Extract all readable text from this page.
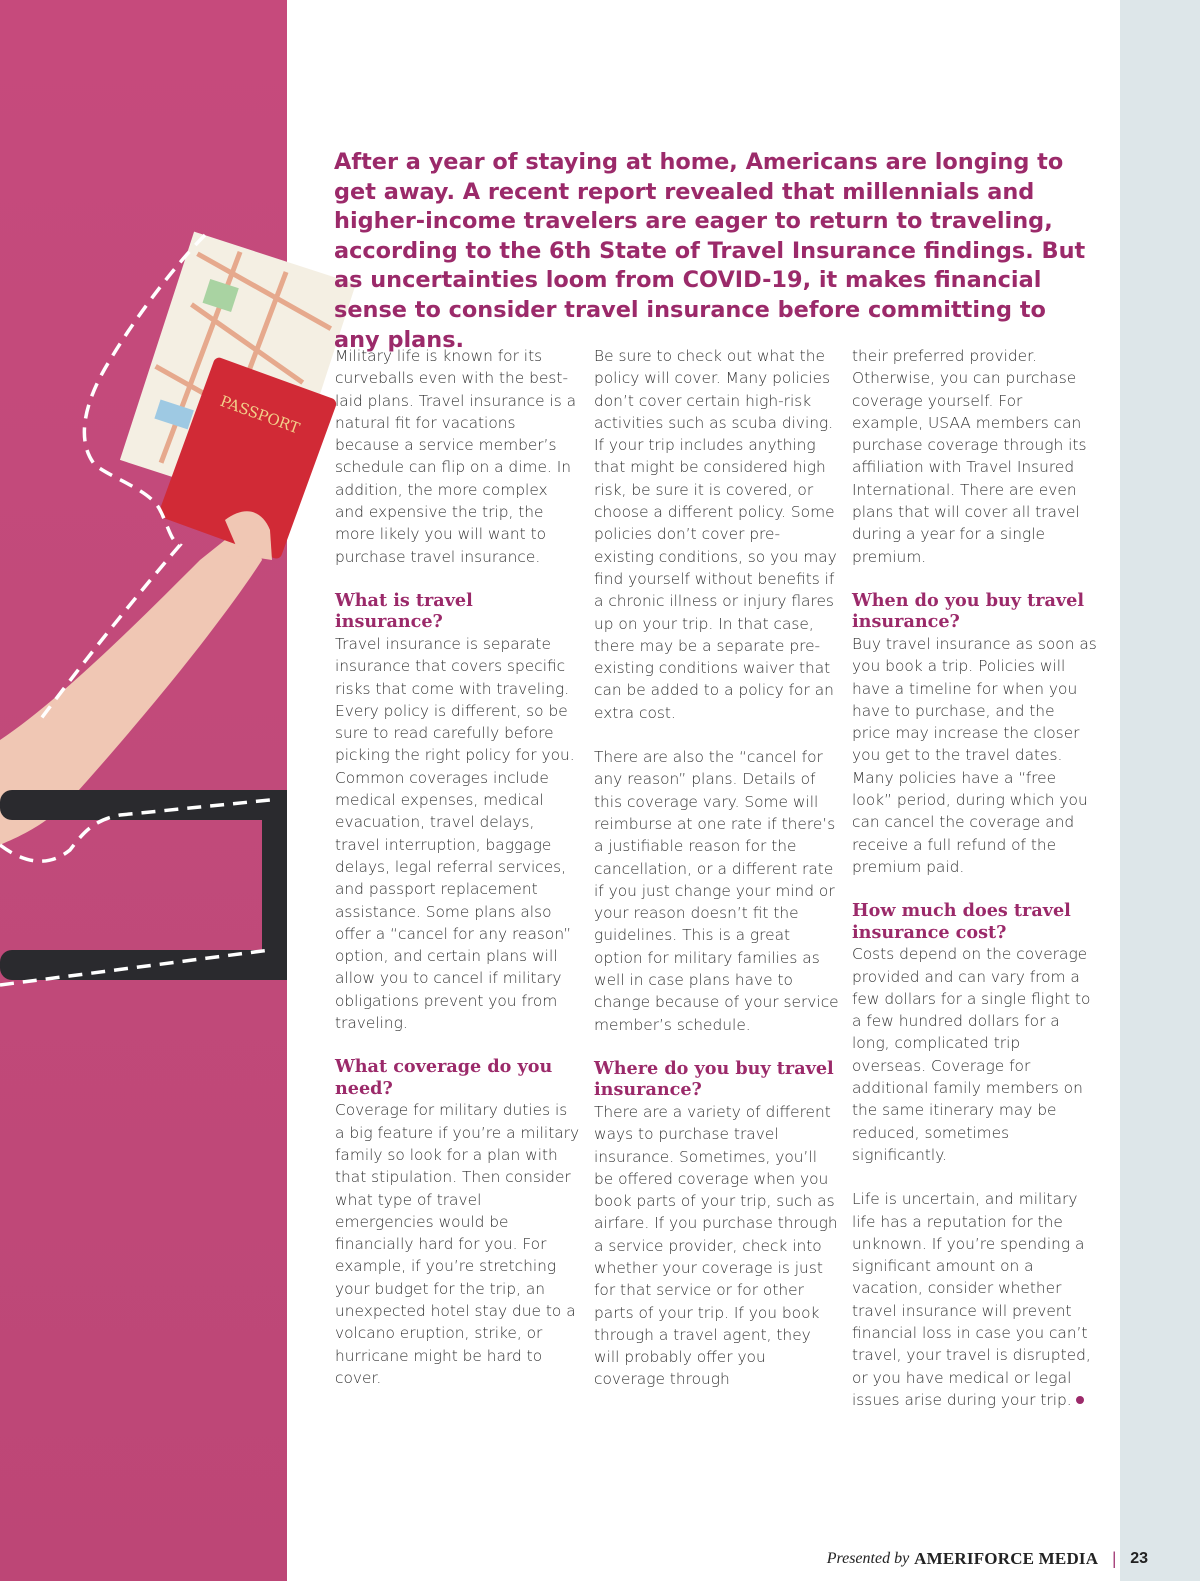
PASSPORT

After a year of staying at home, Americans are longing to get away. A recent report revealed that millennials and higher-income travelers are eager to return to traveling, according to the 6th State of Travel Insurance findings. But as uncertainties loom from COVID-19, it makes financial sense to consider travel insurance before committing to any plans.

Military life is known for its curveballs even with the best-laid plans. Travel insurance is a natural fit for vacations because a service member’s schedule can flip on a dime. In addition, the more complex and expensive the trip, the more likely you will want to purchase travel insurance.

What is travel insurance?

Travel insurance is separate insurance that covers specific risks that come with traveling. Every policy is different, so be sure to read carefully before picking the right policy for you. Common coverages include medical expenses, medical evacuation, travel delays, travel interruption, baggage delays, legal referral services, and passport replacement assistance. Some plans also offer a “cancel for any reason” option, and certain plans will allow you to cancel if military obligations prevent you from traveling.

What coverage do you need?

Coverage for military duties is a big feature if you’re a military family so look for a plan with that stipulation. Then consider what type of travel emergencies would be financially hard for you. For example, if you’re stretching your budget for the trip, an unexpected hotel stay due to a volcano eruption, strike, or hurricane might be hard to cover.

Be sure to check out what the policy will cover. Many policies don’t cover certain high-risk activities such as scuba diving. If your trip includes anything that might be considered high risk, be sure it is covered, or choose a different policy. Some policies don’t cover pre-existing conditions, so you may find yourself without benefits if a chronic illness or injury flares up on your trip. In that case, there may be a separate pre-existing conditions waiver that can be added to a policy for an extra cost.

There are also the “cancel for any reason” plans. Details of this coverage vary. Some will reimburse at one rate if there’s a justifiable reason for the cancellation, or a different rate if you just change your mind or your reason doesn’t fit the guidelines. This is a great option for military families as well in case plans have to change because of your service member’s schedule.

Where do you buy travel insurance?

There are a variety of different ways to purchase travel insurance. Sometimes, you’ll be offered coverage when you book parts of your trip, such as airfare. If you purchase through a service provider, check into whether your coverage is just for that service or for other parts of your trip. If you book through a travel agent, they will probably offer you coverage through

their preferred provider. Otherwise, you can purchase coverage yourself. For example, USAA members can purchase coverage through its affiliation with Travel Insured International. There are even plans that will cover all travel during a year for a single premium.

When do you buy travel insurance?

Buy travel insurance as soon as you book a trip. Policies will have a timeline for when you have to purchase, and the price may increase the closer you get to the travel dates. Many policies have a “free look” period, during which you can cancel the coverage and receive a full refund of the premium paid.

How much does travel insurance cost?

Costs depend on the coverage provided and can vary from a few dollars for a single flight to a few hundred dollars for a long, complicated trip overseas. Coverage for additional family members on the same itinerary may be reduced, sometimes significantly.

Life is uncertain, and military life has a reputation for the unknown. If you’re spending a significant amount on a vacation, consider whether travel insurance will prevent financial loss in case you can’t travel, your travel is disrupted, or you have medical or legal issues arise during your trip.

Presented by AMERIFORCE MEDIA | 23
